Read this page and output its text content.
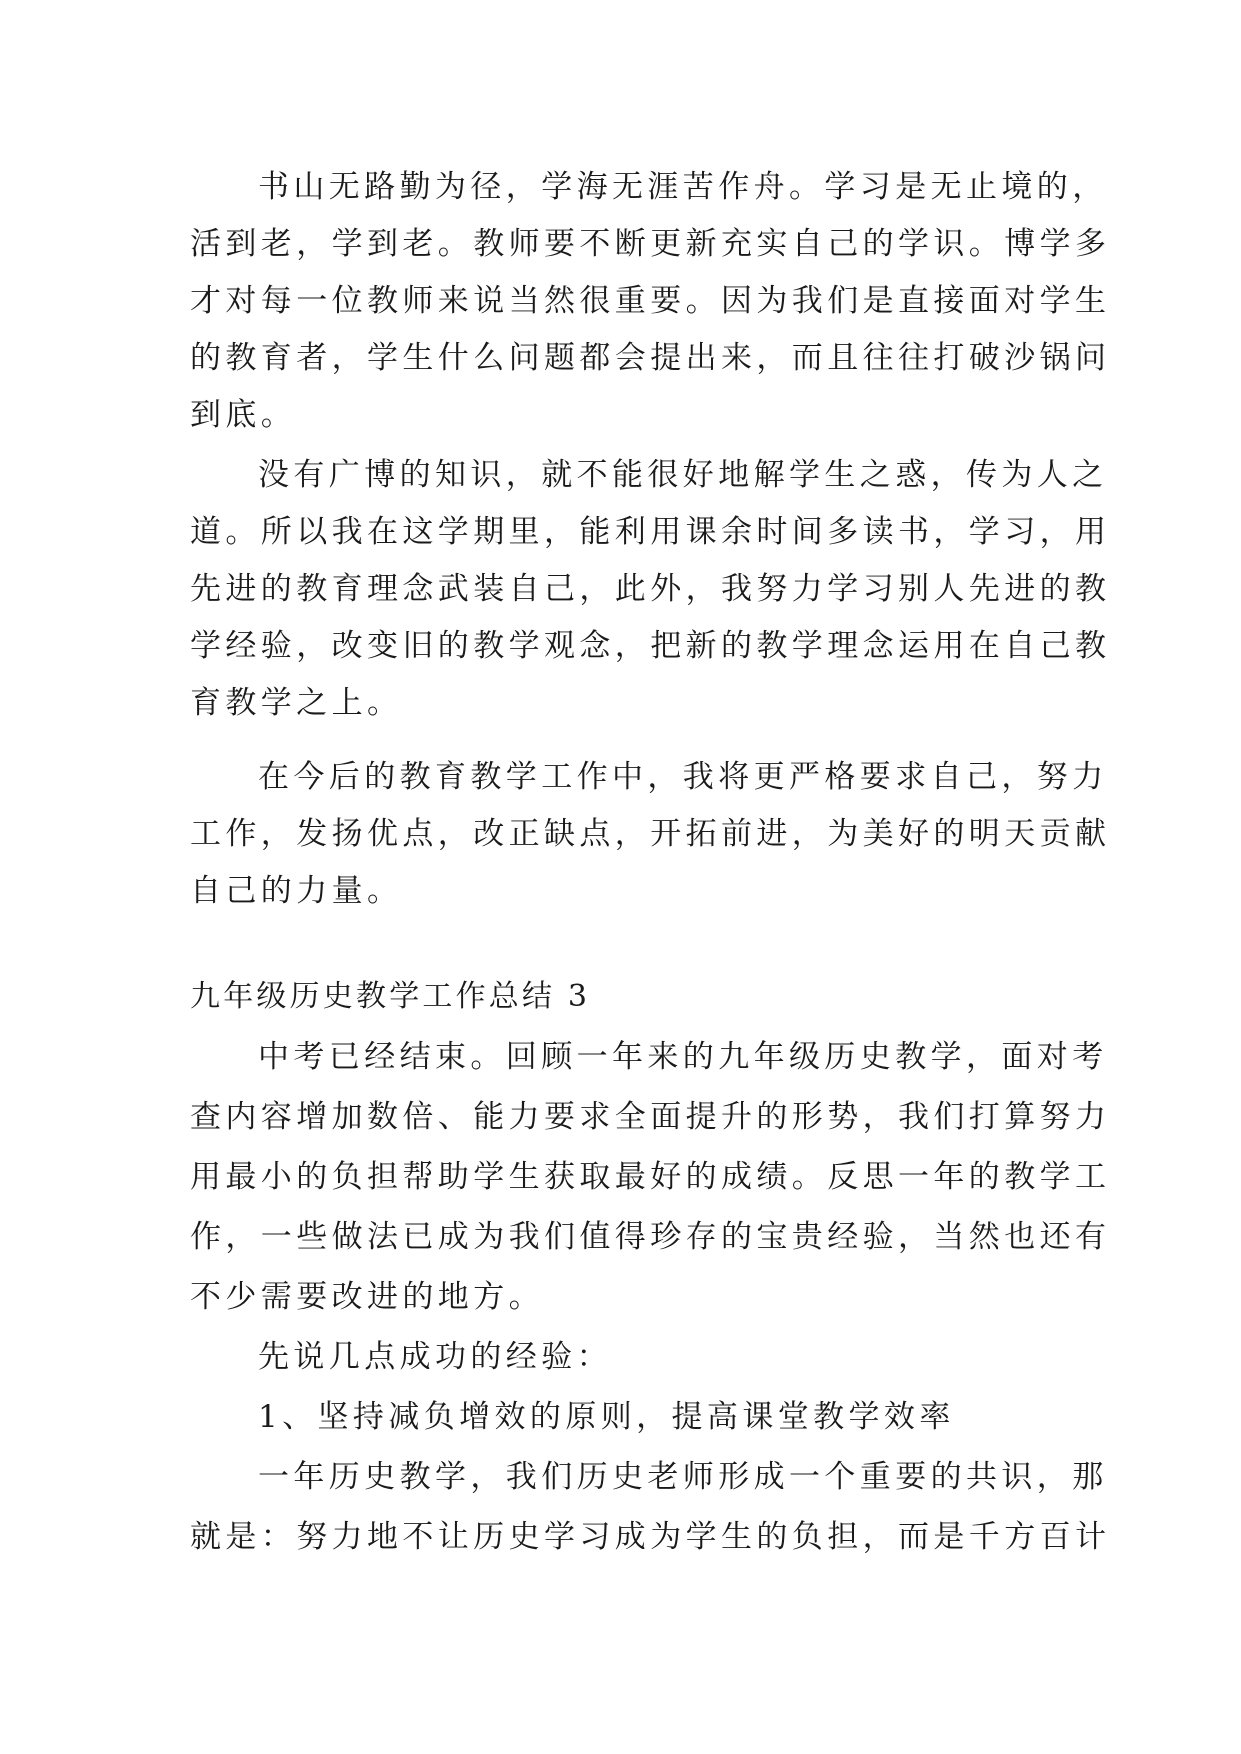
书山无路勤为径，学海无涯苦作舟。学习是无止境的，
活到老，学到老。教师要不断更新充实自己的学识。博学多
才对每一位教师来说当然很重要。因为我们是直接面对学生
的教育者，学生什么问题都会提出来，而且往往打破沙锅问
到底。
没有广博的知识，就不能很好地解学生之惑，传为人之
道。所以我在这学期里，能利用课余时间多读书，学习，用
先进的教育理念武装自己，此外，我努力学习别人先进的教
学经验，改变旧的教学观念，把新的教学理念运用在自己教
育教学之上。
在今后的教育教学工作中，我将更严格要求自己，努力
工作，发扬优点，改正缺点，开拓前进，为美好的明天贡献
自己的力量。
九年级历史教学工作总结 3
中考已经结束。回顾一年来的九年级历史教学，面对考
查内容增加数倍、能力要求全面提升的形势，我们打算努力
用最小的负担帮助学生获取最好的成绩。反思一年的教学工
作，一些做法已成为我们值得珍存的宝贵经验，当然也还有
不少需要改进的地方。
先说几点成功的经验：
1、坚持减负增效的原则，提高课堂教学效率
一年历史教学，我们历史老师形成一个重要的共识，那
就是：努力地不让历史学习成为学生的负担，而是千方百计
